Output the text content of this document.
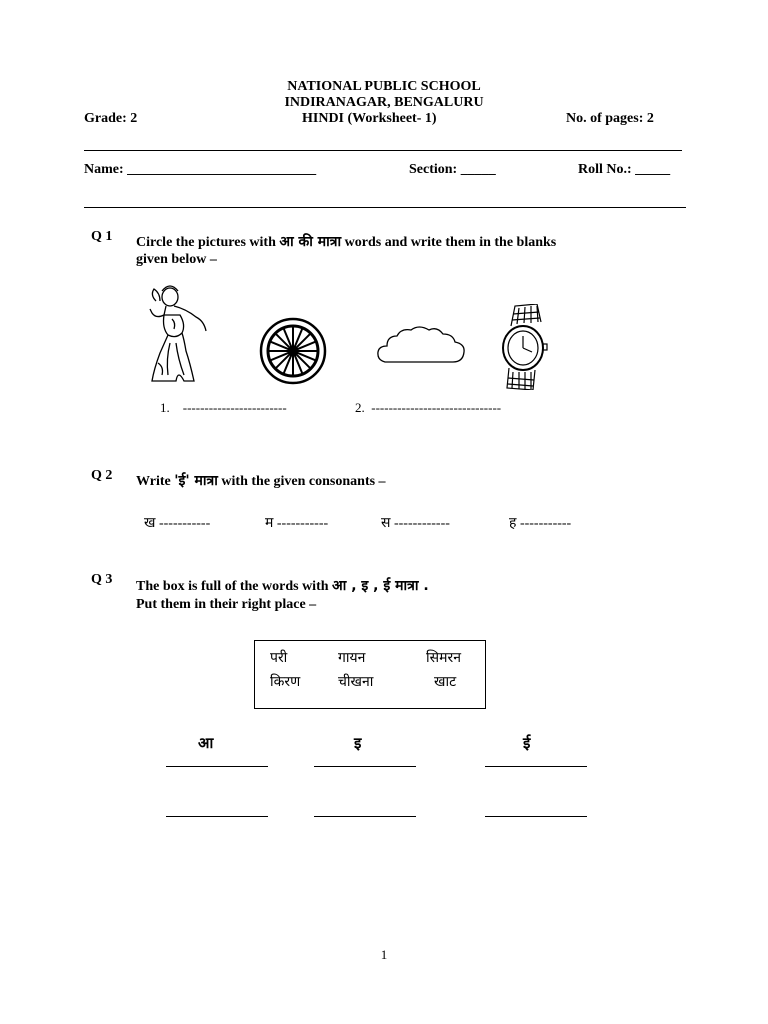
NATIONAL PUBLIC SCHOOL
INDIRANAGAR, BENGALURU
Grade: 2	HINDI (Worksheet- 1)	No. of pages: 2
Name: ___________________________	Section: _____	Roll No.: _____
Q 1 Circle the pictures with आ की मात्रा words and write them in the blanks
given below –
1.    ------------------------	2.  ------------------------------
Q 2 Write 'ई' मात्रा with the given consonants –
ख -----------	म -----------	स ------------	ह -----------
Q 3 The box is full of the words with आ , इ , ई मात्रा .
Put them in their right place –
परी	गायन	सिमरन
किरण	चीखना	खाट
आ	इ	ई
1
